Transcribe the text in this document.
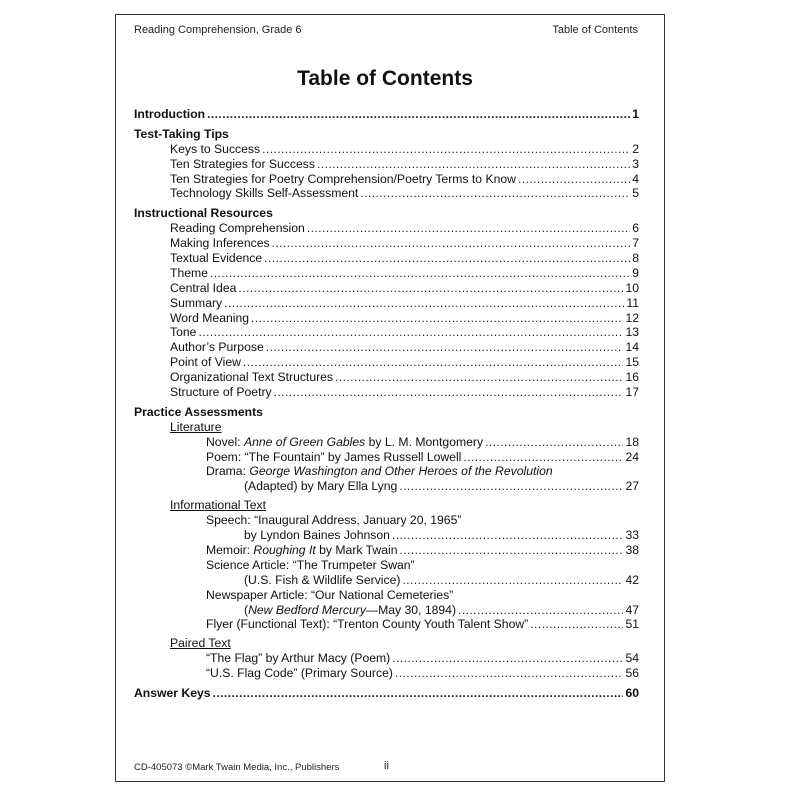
Reading Comprehension, Grade 6	Table of Contents
Table of Contents
Introduction .....	1
Test-Taking Tips
Keys to Success .....	2
Ten Strategies for Success .....	3
Ten Strategies for Poetry Comprehension/Poetry Terms to Know .....	4
Technology Skills Self-Assessment .....	5
Instructional Resources
Reading Comprehension .....	6
Making Inferences .....	7
Textual Evidence .....	8
Theme .....	9
Central Idea .....	10
Summary .....	11
Word Meaning .....	12
Tone .....	13
Author’s Purpose .....	14
Point of View .....	15
Organizational Text Structures .....	16
Structure of Poetry .....	17
Practice Assessments
Literature
Novel: Anne of Green Gables by L. M. Montgomery .....	18
Poem: “The Fountain” by James Russell Lowell .....	24
Drama: George Washington and Other Heroes of the Revolution
(Adapted) by Mary Ella Lyng .....	27
Informational Text
Speech: “Inaugural Address, January 20, 1965”
by Lyndon Baines Johnson .....	33
Memoir: Roughing It by Mark Twain .....	38
Science Article: “The Trumpeter Swan”
(U.S. Fish & Wildlife Service) .....	42
Newspaper Article: “Our National Cemeteries”
(New Bedford Mercury—May 30, 1894) .....	47
Flyer (Functional Text): “Trenton County Youth Talent Show” .....	51
Paired Text
“The Flag” by Arthur Macy (Poem) .....	54
“U.S. Flag Code” (Primary Source) .....	56
Answer Keys .....	60
CD-405073 ©Mark Twain Media, Inc., Publishers	ii
